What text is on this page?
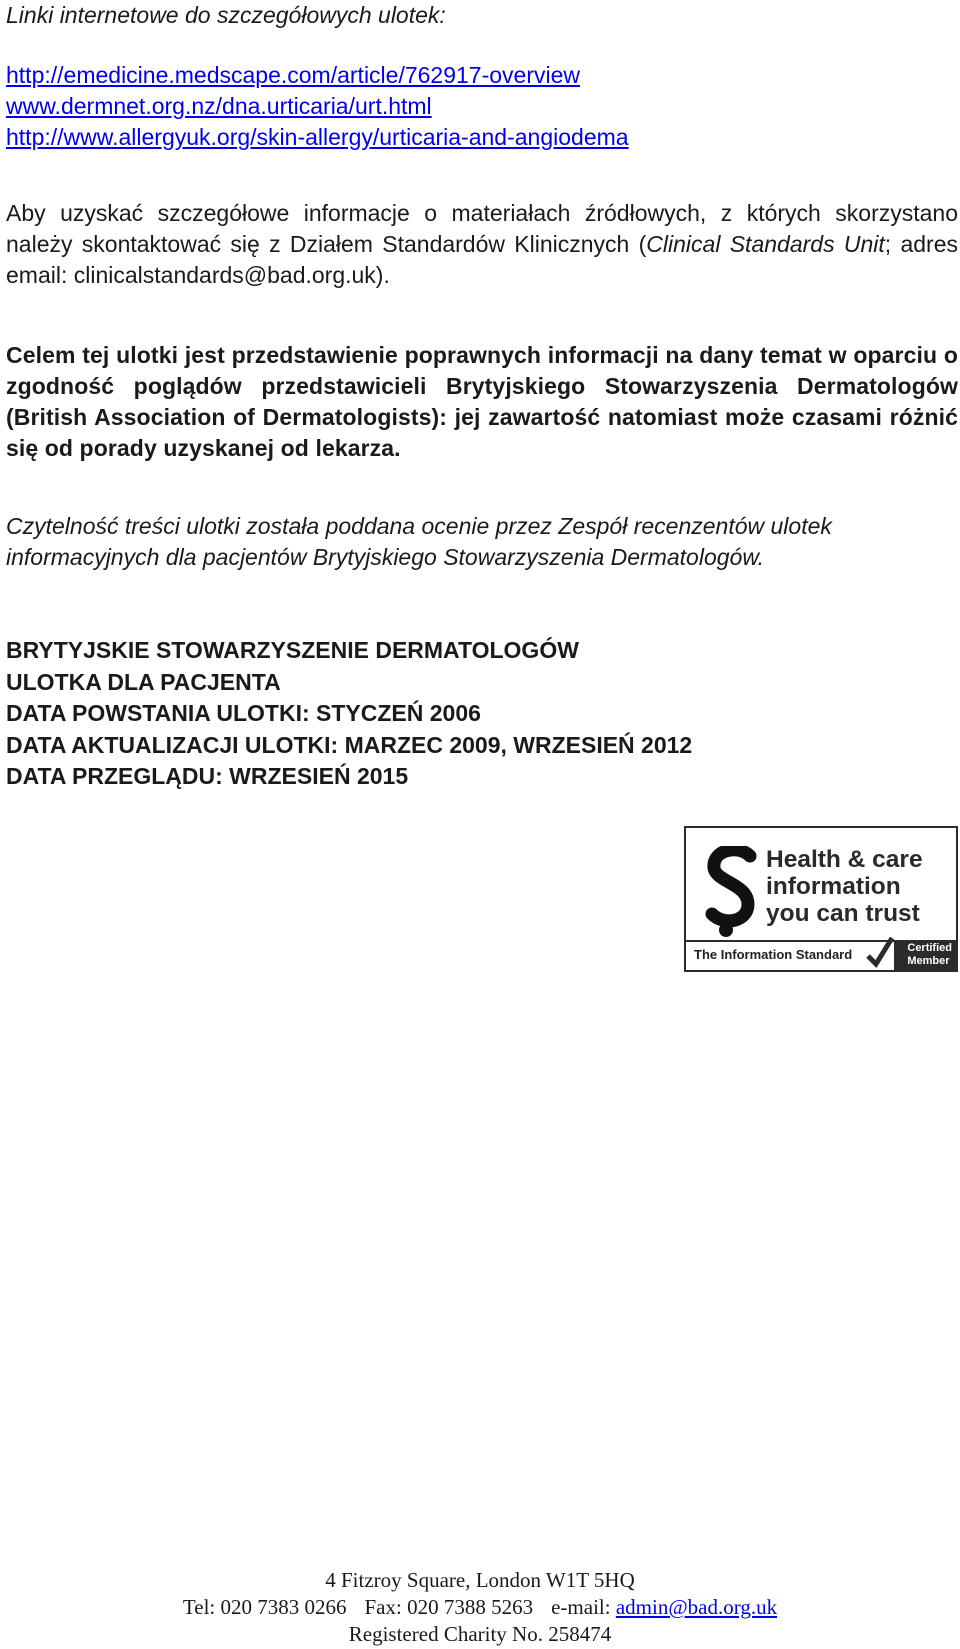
Linki internetowe do szczegółowych ulotek:

http://emedicine.medscape.com/article/762917-overview
www.dermnet.org.nz/dna.urticaria/urt.html
http://www.allergyuk.org/skin-allergy/urticaria-and-angiodema

Aby uzyskać szczegółowe informacje o materiałach źródłowych, z których skorzystano należy skontaktować się z Działem Standardów Klinicznych (Clinical Standards Unit; adres email: clinicalstandards@bad.org.uk).

Celem tej ulotki jest przedstawienie poprawnych informacji na dany temat w oparciu o zgodność poglądów przedstawicieli Brytyjskiego Stowarzyszenia Dermatologów (British Association of Dermatologists): jej zawartość natomiast może czasami różnić się od porady uzyskanej od lekarza.

Czytelność treści ulotki została poddana ocenie przez Zespół recenzentów ulotek informacyjnych dla pacjentów Brytyjskiego Stowarzyszenia Dermatologów.

BRYTYJSKIE STOWARZYSZENIE DERMATOLOGÓW
ULOTKA DLA PACJENTA
DATA POWSTANIA ULOTKI: STYCZEŃ 2006
DATA AKTUALIZACJI ULOTKI: MARZEC 2009, WRZESIEŃ 2012
DATA PRZEGLĄDU: WRZESIEŃ 2015
Health & care
information
you can trust
The Information Standard	Certified
Member
4 Fitzroy Square, London W1T 5HQ
Tel: 020 7383 0266 Fax: 020 7388 5263 e-mail: admin@bad.org.uk
Registered Charity No. 258474
